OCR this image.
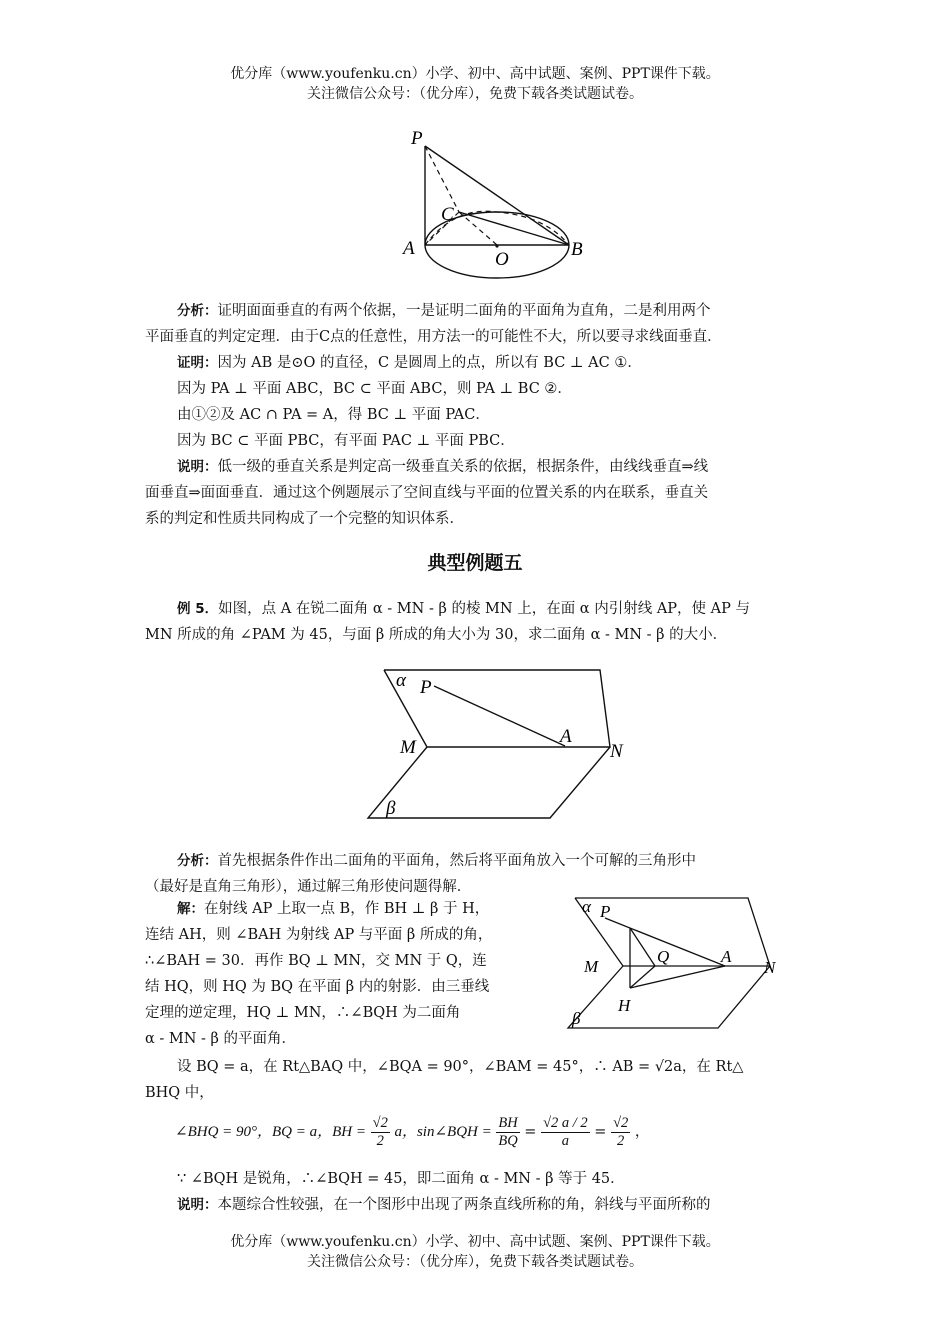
优分库（www.youfenku.cn）小学、初中、高中试题、案例、PPT课件下载。
关注微信公众号：（优分库），免费下载各类试题试卷。
P
C
A
O	B
分析：证明面面垂直的有两个依据，一是证明二面角的平面角为直角，二是利用两个
平面垂直的判定定理．由于C点的任意性，用方法一的可能性不大，所以要寻求线面垂直．
证明：因为 AB 是⊙O 的直径，C 是圆周上的点，所以有 BC ⊥ AC ①．
因为 PA ⊥ 平面 ABC，BC ⊂ 平面 ABC，则 PA ⊥ BC ②．
由①②及 AC ∩ PA = A，得 BC ⊥ 平面 PAC．
因为 BC ⊂ 平面 PBC，有平面 PAC ⊥ 平面 PBC．
说明：低一级的垂直关系是判定高一级垂直关系的依据，根据条件，由线线垂直⇒线
面垂直⇒面面垂直．通过这个例题展示了空间直线与平面的位置关系的内在联系，垂直关
系的判定和性质共同构成了一个完整的知识体系．
典型例题五
例 5．如图，点 A 在锐二面角 α - MN - β 的棱 MN 上，在面 α 内引射线 AP，使 AP 与
MN 所成的角 ∠PAM 为 45，与面 β 所成的角大小为 30，求二面角 α - MN - β 的大小．
α P
A
M	N
β
分析：首先根据条件作出二面角的平面角，然后将平面角放入一个可解的三角形中
（最好是直角三角形），通过解三角形使问题得解．
解：在射线 AP 上取一点 B，作 BH ⊥ β 于 H，
连结 AH，则 ∠BAH 为射线 AP 与平面 β 所成的角，
∴∠BAH = 30．再作 BQ ⊥ MN，交 MN 于 Q，连
结 HQ，则 HQ 为 BQ 在平面 β 内的射影．由三垂线
定理的逆定理，HQ ⊥ MN，∴∠BQH 为二面角
α - MN - β 的平面角．
α P
M
Q	A
N
H
β
设 BQ = a，在 Rt△BAQ 中，∠BQA = 90°，∠BAM = 45°，∴ AB = √2a，在 Rt△
BHQ 中，
∠BHQ = 90°，BQ = a，BH = $\frac{√2}{2}$ a，sin∠BQH = $\frac{BH}{BQ} = \frac{√2 a / 2}{a} = \frac{√2}{2}$ ，
∵ ∠BQH 是锐角，∴∠BQH = 45，即二面角 α - MN - β 等于 45．
说明：本题综合性较强，在一个图形中出现了两条直线所称的角，斜线与平面所称的
优分库（www.youfenku.cn）小学、初中、高中试题、案例、PPT课件下载。
关注微信公众号：（优分库），免费下载各类试题试卷。
